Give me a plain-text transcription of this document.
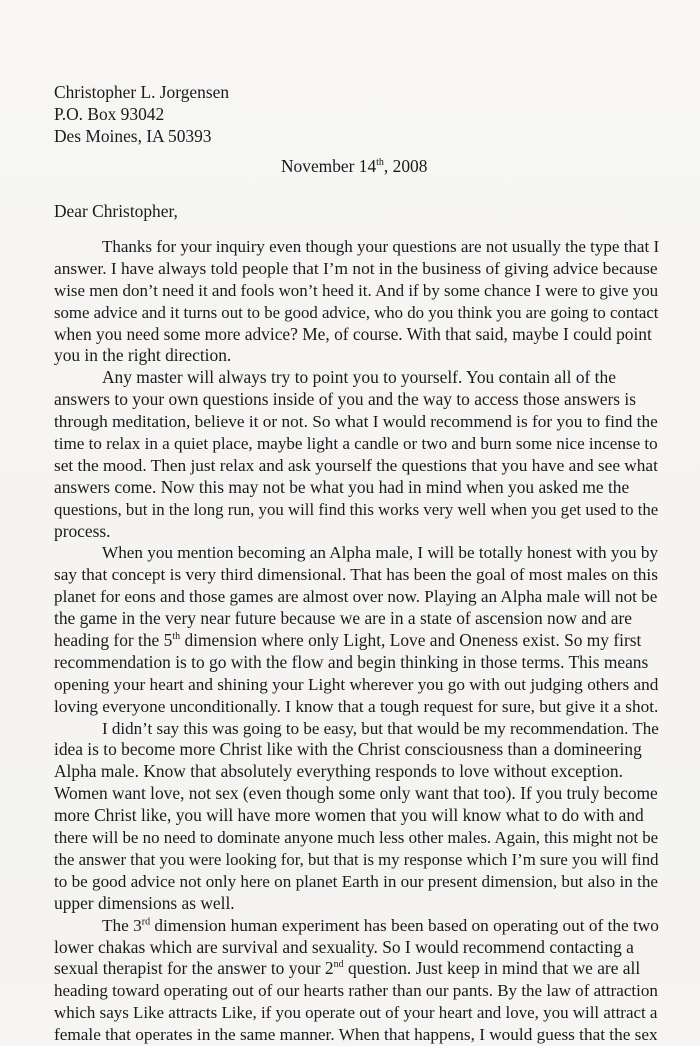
Christopher L. Jorgensen
P.O. Box 93042
Des Moines, IA 50393
November 14th, 2008
Dear Christopher,
Thanks for your inquiry even though your questions are not usually the type that I
answer. I have always told people that I’m not in the business of giving advice because
wise men don’t need it and fools won’t heed it. And if by some chance I were to give you
some advice and it turns out to be good advice, who do you think you are going to contact
when you need some more advice? Me, of course. With that said, maybe I could point
you in the right direction.
Any master will always try to point you to yourself. You contain all of the
answers to your own questions inside of you and the way to access those answers is
through meditation, believe it or not. So what I would recommend is for you to find the
time to relax in a quiet place, maybe light a candle or two and burn some nice incense to
set the mood. Then just relax and ask yourself the questions that you have and see what
answers come. Now this may not be what you had in mind when you asked me the
questions, but in the long run, you will find this works very well when you get used to the
process.
When you mention becoming an Alpha male, I will be totally honest with you by
say that concept is very third dimensional. That has been the goal of most males on this
planet for eons and those games are almost over now. Playing an Alpha male will not be
the game in the very near future because we are in a state of ascension now and are
heading for the 5th dimension where only Light, Love and Oneness exist. So my first
recommendation is to go with the flow and begin thinking in those terms. This means
opening your heart and shining your Light wherever you go with out judging others and
loving everyone unconditionally. I know that a tough request for sure, but give it a shot.
I didn’t say this was going to be easy, but that would be my recommendation. The
idea is to become more Christ like with the Christ consciousness than a domineering
Alpha male. Know that absolutely everything responds to love without exception.
Women want love, not sex (even though some only want that too). If you truly become
more Christ like, you will have more women that you will know what to do with and
there will be no need to dominate anyone much less other males. Again, this might not be
the answer that you were looking for, but that is my response which I’m sure you will find
to be good advice not only here on planet Earth in our present dimension, but also in the
upper dimensions as well.
The 3rd dimension human experiment has been based on operating out of the two
lower chakas which are survival and sexuality. So I would recommend contacting a
sexual therapist for the answer to your 2nd question. Just keep in mind that we are all
heading toward operating out of our hearts rather than our pants. By the law of attraction
which says Like attracts Like, if you operate out of your heart and love, you will attract a
female that operates in the same manner. When that happens, I would guess that the sex
